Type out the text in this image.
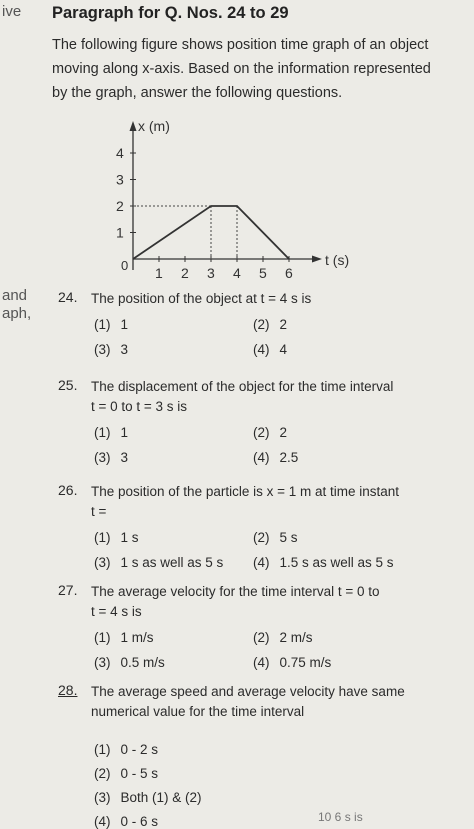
ive
and
aph,
10 6 s is
Paragraph for Q. Nos. 24 to 29
The following figure shows position time graph of an object moving along x-axis. Based on the information represented by the graph, answer the following questions.
1 2 3 4 5 6
1
2
3
4
x (m)
t (s)
0
24. The position of the object at t = 4 s is
(1) 1	(2) 2
(3) 3	(4) 4
25. The displacement of the object for the time interval
t = 0 to t = 3 s is
(1) 1	(2) 2
(3) 3	(4) 2.5
26. The position of the particle is x = 1 m at time instant
t =
(1) 1 s	(2) 5 s
(3) 1 s as well as 5 s (4) 1.5 s as well as 5 s
27. The average velocity for the time interval t = 0 to
t = 4 s is
(1) 1 m/s	(2) 2 m/s
(3) 0.5 m/s	(4) 0.75 m/s
28. The average speed and average velocity have same
numerical value for the time interval
(1) 0 - 2 s
(2) 0 - 5 s
(3) Both (1) & (2)
(4) 0 - 6 s
